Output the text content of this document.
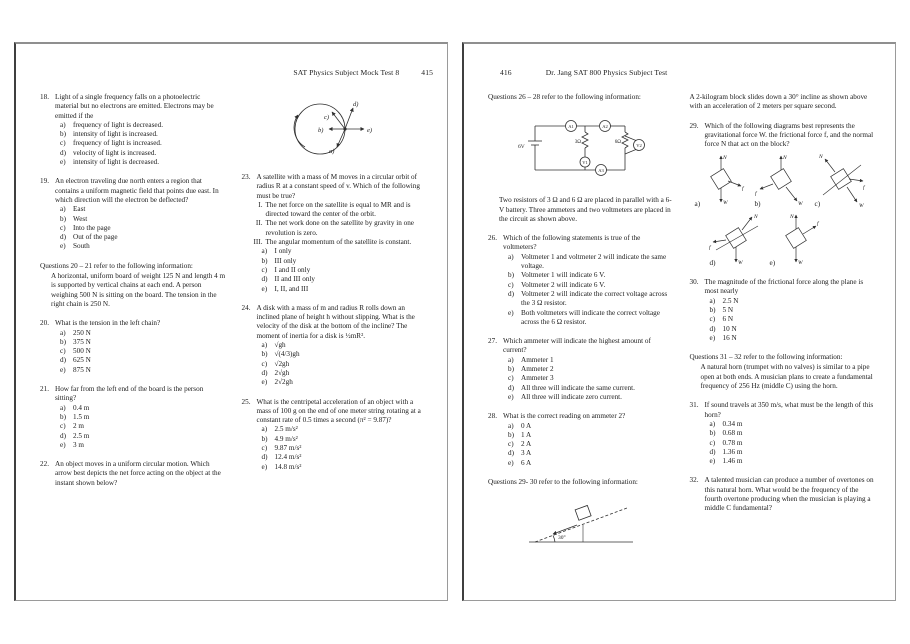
SAT Physics Subject Mock Test 8	415
18. Light of a single frequency falls on a photoelectric material but no electrons are emitted. Electrons may be emitted if the
a)	frequency of light is decreased.
b) intensity of light is increased.
c)	frequency of light is increased.
d) velocity of light is increased.
e)	intensity of light is decreased.
19. An electron traveling due north enters a region that contains a uniform magnetic field that points due east. In which direction will the electron be deflected?
a)	East
b) West
c)	Into the page
d) Out of the page
e)	South
Questions 20 – 21 refer to the following information:
A horizontal, uniform board of weight 125 N and length 4 m is supported by vertical chains at each end. A person weighing 500 N is sitting on the board. The tension in the right chain is 250 N.
20. What is the tension in the left chain?
a)	250 N
b) 375 N
c)	500 N
d) 625 N
e)	875 N
21. How far from the left end of the board is the person sitting?
a)	0.4 m
b) 1.5 m
c)	2 m
d) 2.5 m
e)	3 m
22. An object moves in a uniform circular motion. Which arrow best depicts the net force acting on the object at the instant shown below?
d)
c)
b)
a)
e)
23. A satellite with a mass of M moves in a circular orbit of radius R at a constant speed of v. Which of the following must be true?
I. The net force on the satellite is equal to MR and is directed toward the center of the orbit.
II. The net work done on the satellite by gravity in one revolution is zero.
III. The angular momentum of the satellite is constant.
a)	I only
b) III only
c)	I and II only
d) II and III only
e)	I, II, and III
24. A disk with a mass of m and radius R rolls down an inclined plane of height h without slipping. What is the velocity of the disk at the bottom of the incline? The moment of inertia for a disk is ½mR².
a)	√gh
b) √(4/3)gh
c)	√2gh
d) 2√gh
e)	2√2gh
25. What is the centripetal acceleration of an object with a mass of 100 g on the end of one meter string rotating at a constant rate of 0.5 times a second (π² = 9.87)?
a)	2.5 m/s²
b) 4.9 m/s²
c)	9.87 m/s²
d) 12.4 m/s²
e)	14.8 m/s²
416	Dr. Jang SAT 800 Physics Subject Test
Questions 26 – 28 refer to the following information:
6V
A1	A2
A3
V1
V2
3Ω	6Ω
Two resistors of 3 Ω and 6 Ω are placed in parallel with a 6-V battery. Three ammeters and two voltmeters are placed in the circuit as shown above.
26. Which of the following statements is true of the voltmeters?
a)	Voltmeter 1 and voltmeter 2 will indicate the same voltage.
b) Voltmeter 1 will indicate 6 V.
c)	Voltmeter 2 will indicate 6 V.
d) Voltmeter 2 will indicate the correct voltage across the 3 Ω resistor.
e)	Both voltmeters will indicate the correct voltage across the 6 Ω resistor.
27. Which ammeter will indicate the highest amount of current?
a)	Ammeter 1
b) Ammeter 2
c)	Ammeter 3
d) All three will indicate the same current.
e)	All three will indicate zero current.
28. What is the correct reading on ammeter 2?
a)	0 A
b) 1 A
c)	2 A
d) 3 A
e)	6 A
Questions 29- 30 refer to the following information:
30°
A 2-kilogram block slides down a 30° incline as shown above with an acceleration of 2 meters per square second.
29. Which of the following diagrams best represents the gravitational force W. the frictional force f, and the normal force N that act on the block?
N
W
f
a)
N
W
f
b)
N
W
f
c)
N
W
f
d)
N
W
f
e)
30. The magnitude of the frictional force along the plane is most nearly
a)	2.5 N
b) 5 N
c)	6 N
d) 10 N
e)	16 N
Questions 31 – 32 refer to the following information:
A natural horn (trumpet with no valves) is similar to a pipe open at both ends. A musician plans to create a fundamental frequency of 256 Hz (middle C) using the horn.
31. If sound travels at 350 m/s, what must be the length of this horn?
a)	0.34 m
b) 0.68 m
c)	0.78 m
d) 1.36 m
e)	1.46 m
32. A talented musician can produce a number of overtones on this natural horn. What would be the frequency of the fourth overtone producing when the musician is playing a middle C fundamental?
